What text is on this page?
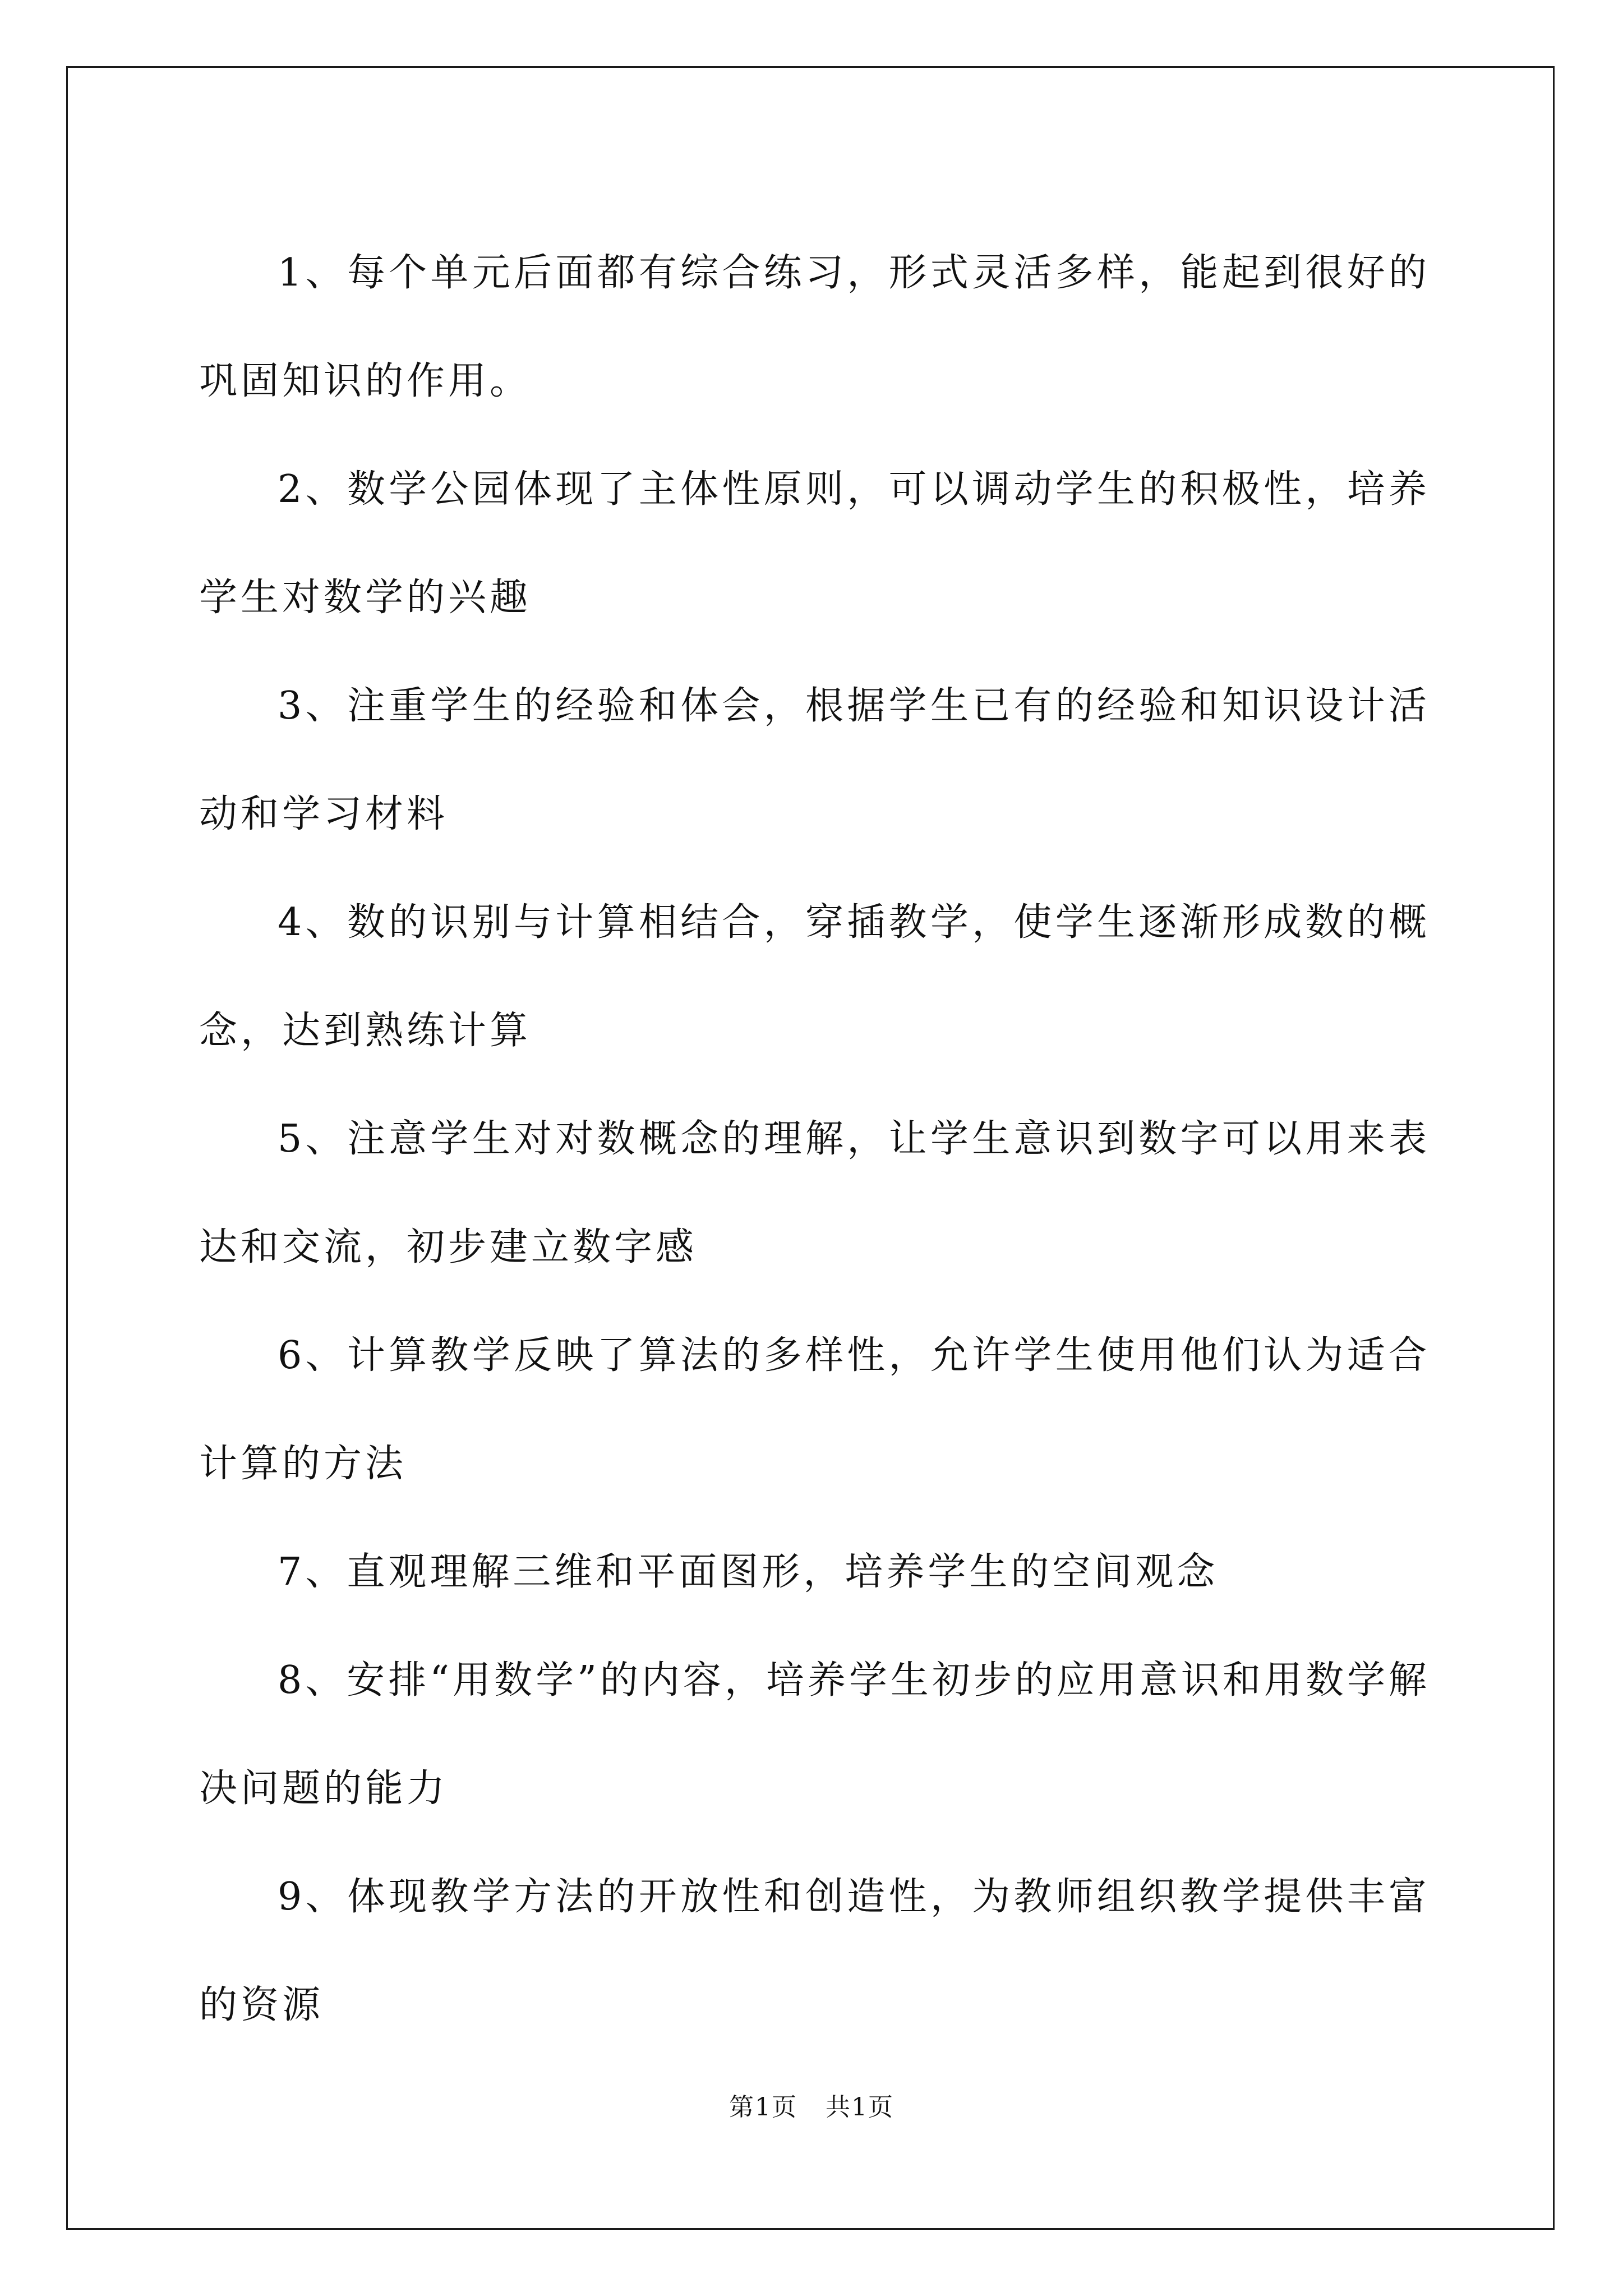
1、每个单元后面都有综合练习，形式灵活多样，能起到很好的巩固知识的作用。

2、数学公园体现了主体性原则，可以调动学生的积极性，培养学生对数学的兴趣

3、注重学生的经验和体会，根据学生已有的经验和知识设计活动和学习材料

4、数的识别与计算相结合，穿插教学，使学生逐渐形成数的概念，达到熟练计算

5、注意学生对对数概念的理解，让学生意识到数字可以用来表达和交流，初步建立数字感

6、计算教学反映了算法的多样性，允许学生使用他们认为适合计算的方法

7、直观理解三维和平面图形，培养学生的空间观念

8、安排“用数学”的内容，培养学生初步的应用意识和用数学解决问题的能力

9、体现教学方法的开放性和创造性，为教师组织教学提供丰富的资源

第1页 共1页
